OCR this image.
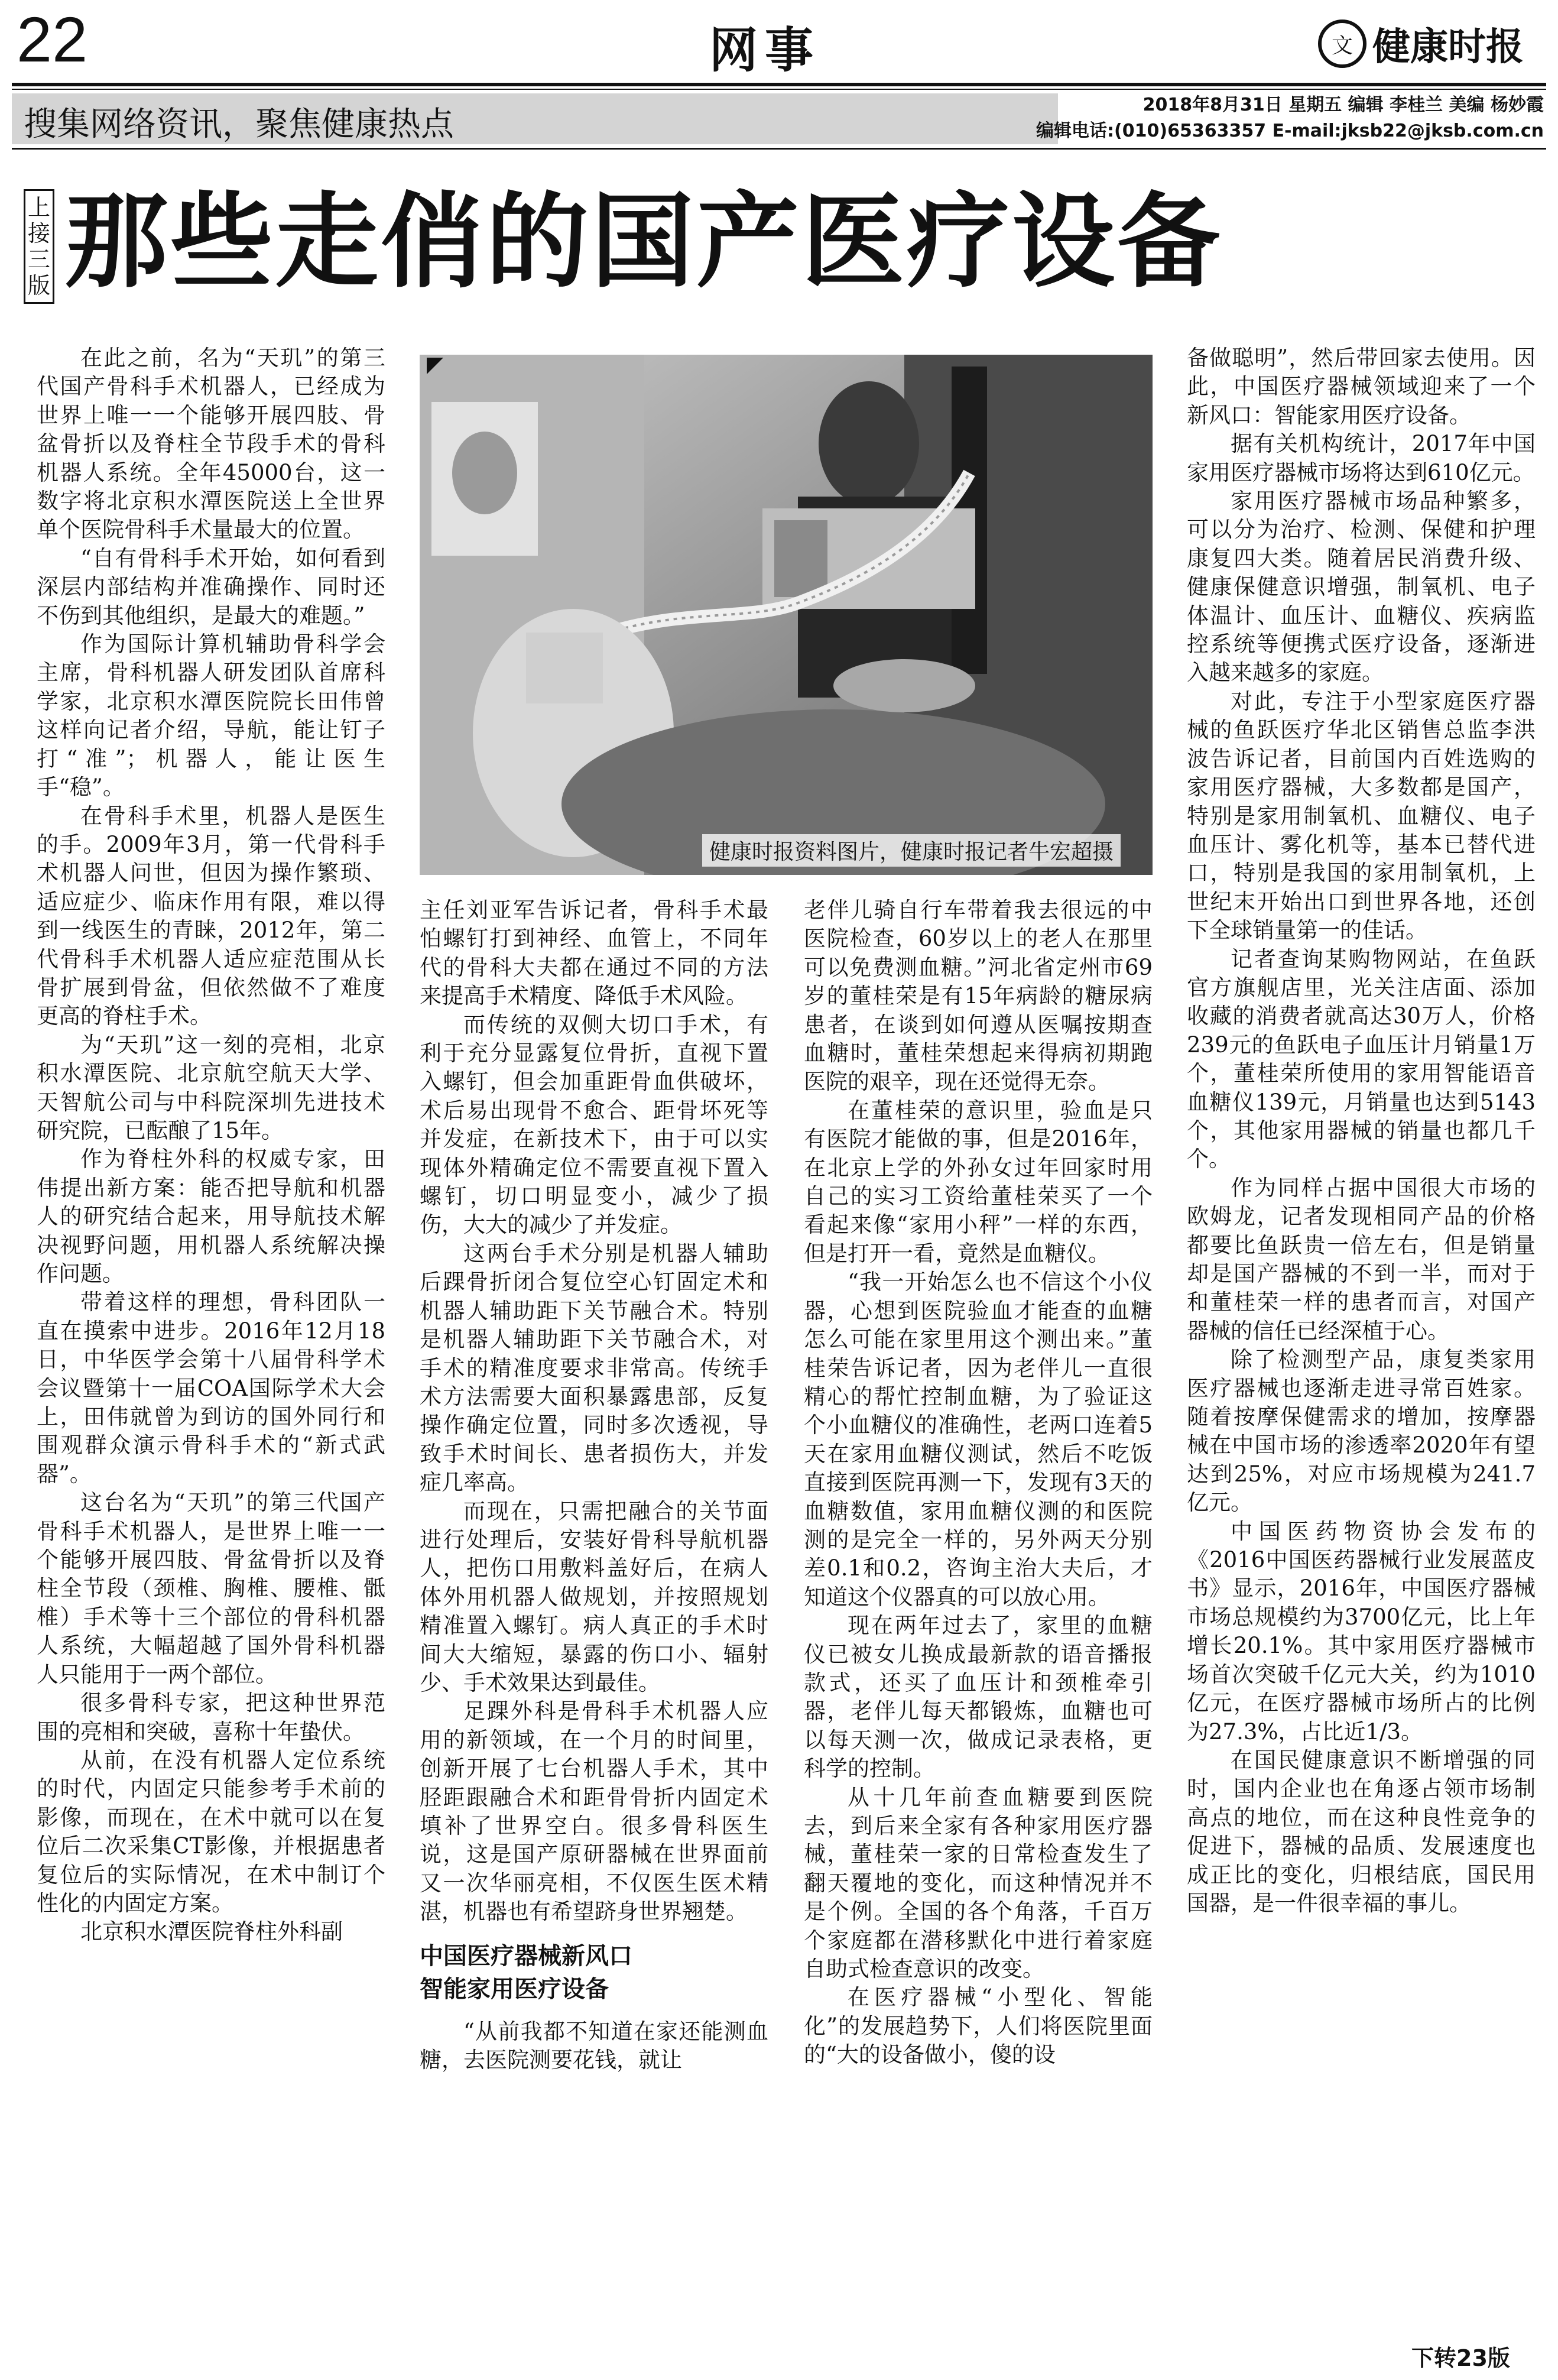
22	网事	文 健康时报
搜集网络资讯，聚焦健康热点
2018年8月31日 星期五 编辑 李桂兰 美编 杨妙霞
编辑电话:(010)65363357 E-mail:jksb22@jksb.com.cn
上接三版 那些走俏的国产医疗设备

在此之前，名为“天玑”的第三代国产骨科手术机器人，已经成为世界上唯一一个能够开展四肢、骨盆骨折以及脊柱全节段手术的骨科机器人系统。全年45000台，这一数字将北京积水潭医院送上全世界单个医院骨科手术量最大的位置。

“自有骨科手术开始，如何看到深层内部结构并准确操作、同时还不伤到其他组织，是最大的难题。”

作为国际计算机辅助骨科学会主席，骨科机器人研发团队首席科学家，北京积水潭医院院长田伟曾这样向记者介绍，导航，能让钉子打“准”；机器人，能让医生手“稳”。

在骨科手术里，机器人是医生的手。2009年3月，第一代骨科手术机器人问世，但因为操作繁琐、适应症少、临床作用有限，难以得到一线医生的青睐，2012年，第二代骨科手术机器人适应症范围从长骨扩展到骨盆，但依然做不了难度更高的脊柱手术。

为“天玑”这一刻的亮相，北京积水潭医院、北京航空航天大学、天智航公司与中科院深圳先进技术研究院，已酝酿了15年。

作为脊柱外科的权威专家，田伟提出新方案：能否把导航和机器人的研究结合起来，用导航技术解决视野问题，用机器人系统解决操作问题。

带着这样的理想，骨科团队一直在摸索中进步。2016年12月18日，中华医学会第十八届骨科学术会议暨第十一届COA国际学术大会上，田伟就曾为到访的国外同行和围观群众演示骨科手术的“新式武器”。

这台名为“天玑”的第三代国产骨科手术机器人，是世界上唯一一个能够开展四肢、骨盆骨折以及脊柱全节段（颈椎、胸椎、腰椎、骶椎）手术等十三个部位的骨科机器人系统，大幅超越了国外骨科机器人只能用于一两个部位。

很多骨科专家，把这种世界范围的亮相和突破，喜称十年蛰伏。

从前，在没有机器人定位系统的时代，内固定只能参考手术前的影像，而现在，在术中就可以在复位后二次采集CT影像，并根据患者复位后的实际情况，在术中制订个性化的内固定方案。

北京积水潭医院脊柱外科副

健康时报资料图片，健康时报记者牛宏超摄

主任刘亚军告诉记者，骨科手术最怕螺钉打到神经、血管上，不同年代的骨科大夫都在通过不同的方法来提高手术精度、降低手术风险。

而传统的双侧大切口手术，有利于充分显露复位骨折，直视下置入螺钉，但会加重距骨血供破坏，术后易出现骨不愈合、距骨坏死等并发症，在新技术下，由于可以实现体外精确定位不需要直视下置入螺钉，切口明显变小，减少了损伤，大大的减少了并发症。

这两台手术分别是机器人辅助后踝骨折闭合复位空心钉固定术和机器人辅助距下关节融合术。特别是机器人辅助距下关节融合术，对手术的精准度要求非常高。传统手术方法需要大面积暴露患部，反复操作确定位置，同时多次透视，导致手术时间长、患者损伤大，并发症几率高。

而现在，只需把融合的关节面进行处理后，安装好骨科导航机器人，把伤口用敷料盖好后，在病人体外用机器人做规划，并按照规划精准置入螺钉。病人真正的手术时间大大缩短，暴露的伤口小、辐射少、手术效果达到最佳。

足踝外科是骨科手术机器人应用的新领域，在一个月的时间里，创新开展了七台机器人手术，其中胫距跟融合术和距骨骨折内固定术填补了世界空白。很多骨科医生说，这是国产原研器械在世界面前又一次华丽亮相，不仅医生医术精湛，机器也有希望跻身世界翘楚。

中国医疗器械新风口
智能家用医疗设备

“从前我都不知道在家还能测血糖，去医院测要花钱，就让

老伴儿骑自行车带着我去很远的中医院检查，60岁以上的老人在那里可以免费测血糖。”河北省定州市69岁的董桂荣是有15年病龄的糖尿病患者，在谈到如何遵从医嘱按期查血糖时，董桂荣想起来得病初期跑医院的艰辛，现在还觉得无奈。

在董桂荣的意识里，验血是只有医院才能做的事，但是2016年，在北京上学的外孙女过年回家时用自己的实习工资给董桂荣买了一个看起来像“家用小秤”一样的东西，但是打开一看，竟然是血糖仪。

“我一开始怎么也不信这个小仪器，心想到医院验血才能查的血糖怎么可能在家里用这个测出来。”董桂荣告诉记者，因为老伴儿一直很精心的帮忙控制血糖，为了验证这个小血糖仪的准确性，老两口连着5天在家用血糖仪测试，然后不吃饭直接到医院再测一下，发现有3天的血糖数值，家用血糖仪测的和医院测的是完全一样的，另外两天分别差0.1和0.2，咨询主治大夫后，才知道这个仪器真的可以放心用。

现在两年过去了，家里的血糖仪已被女儿换成最新款的语音播报款式，还买了血压计和颈椎牵引器，老伴儿每天都锻炼，血糖也可以每天测一次，做成记录表格，更科学的控制。

从十几年前查血糖要到医院去，到后来全家有各种家用医疗器械，董桂荣一家的日常检查发生了翻天覆地的变化，而这种情况并不是个例。全国的各个角落，千百万个家庭都在潜移默化中进行着家庭自助式检查意识的改变。

在医疗器械“小型化、智能化”的发展趋势下，人们将医院里面的“大的设备做小，傻的设

备做聪明”，然后带回家去使用。因此，中国医疗器械领域迎来了一个新风口：智能家用医疗设备。

据有关机构统计，2017年中国家用医疗器械市场将达到610亿元。

家用医疗器械市场品种繁多，可以分为治疗、检测、保健和护理康复四大类。随着居民消费升级、健康保健意识增强，制氧机、电子体温计、血压计、血糖仪、疾病监控系统等便携式医疗设备，逐渐进入越来越多的家庭。

对此，专注于小型家庭医疗器械的鱼跃医疗华北区销售总监李洪波告诉记者，目前国内百姓选购的家用医疗器械，大多数都是国产，特别是家用制氧机、血糖仪、电子血压计、雾化机等，基本已替代进口，特别是我国的家用制氧机，上世纪末开始出口到世界各地，还创下全球销量第一的佳话。

记者查询某购物网站，在鱼跃官方旗舰店里，光关注店面、添加收藏的消费者就高达30万人，价格239元的鱼跃电子血压计月销量1万个，董桂荣所使用的家用智能语音血糖仪139元，月销量也达到5143个，其他家用器械的销量也都几千个。

作为同样占据中国很大市场的欧姆龙，记者发现相同产品的价格都要比鱼跃贵一倍左右，但是销量却是国产器械的不到一半，而对于和董桂荣一样的患者而言，对国产器械的信任已经深植于心。

除了检测型产品，康复类家用医疗器械也逐渐走进寻常百姓家。随着按摩保健需求的增加，按摩器械在中国市场的渗透率2020年有望达到25%，对应市场规模为241.7亿元。

中国医药物资协会发布的《2016中国医药器械行业发展蓝皮书》显示，2016年，中国医疗器械市场总规模约为3700亿元，比上年增长20.1%。其中家用医疗器械市场首次突破千亿元大关，约为1010亿元，在医疗器械市场所占的比例为27.3%，占比近1/3。

在国民健康意识不断增强的同时，国内企业也在角逐占领市场制高点的地位，而在这种良性竞争的促进下，器械的品质、发展速度也成正比的变化，归根结底，国民用国器，是一件很幸福的事儿。

下转23版
